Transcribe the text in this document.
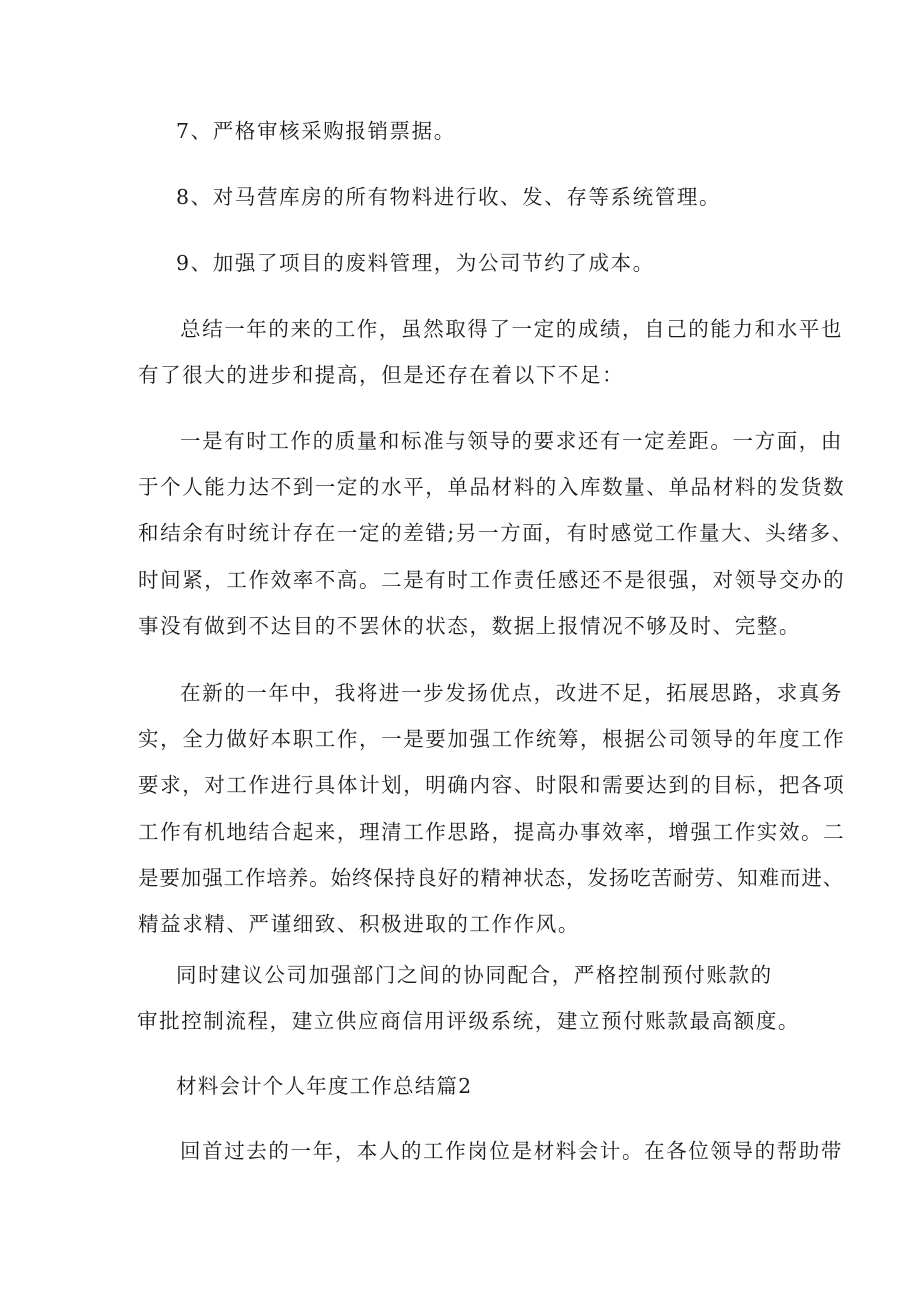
7、严格审核采购报销票据。
8、对马营库房的所有物料进行收、发、存等系统管理。
9、加强了项目的废料管理，为公司节约了成本。
总结一年的来的工作，虽然取得了一定的成绩，自己的能力和水平也
有了很大的进步和提高，但是还存在着以下不足：
一是有时工作的质量和标准与领导的要求还有一定差距。一方面，由
于个人能力达不到一定的水平，单品材料的入库数量、单品材料的发货数
和结余有时统计存在一定的差错;另一方面，有时感觉工作量大、头绪多、
时间紧，工作效率不高。二是有时工作责任感还不是很强，对领导交办的
事没有做到不达目的不罢休的状态，数据上报情况不够及时、完整。
在新的一年中，我将进一步发扬优点，改进不足，拓展思路，求真务
实，全力做好本职工作，一是要加强工作统筹，根据公司领导的年度工作
要求，对工作进行具体计划，明确内容、时限和需要达到的目标，把各项
工作有机地结合起来，理清工作思路，提高办事效率，增强工作实效。二
是要加强工作培养。始终保持良好的精神状态，发扬吃苦耐劳、知难而进、
精益求精、严谨细致、积极进取的工作作风。
同时建议公司加强部门之间的协同配合，严格控制预付账款的
审批控制流程，建立供应商信用评级系统，建立预付账款最高额度。
材料会计个人年度工作总结篇2
回首过去的一年，本人的工作岗位是材料会计。在各位领导的帮助带
